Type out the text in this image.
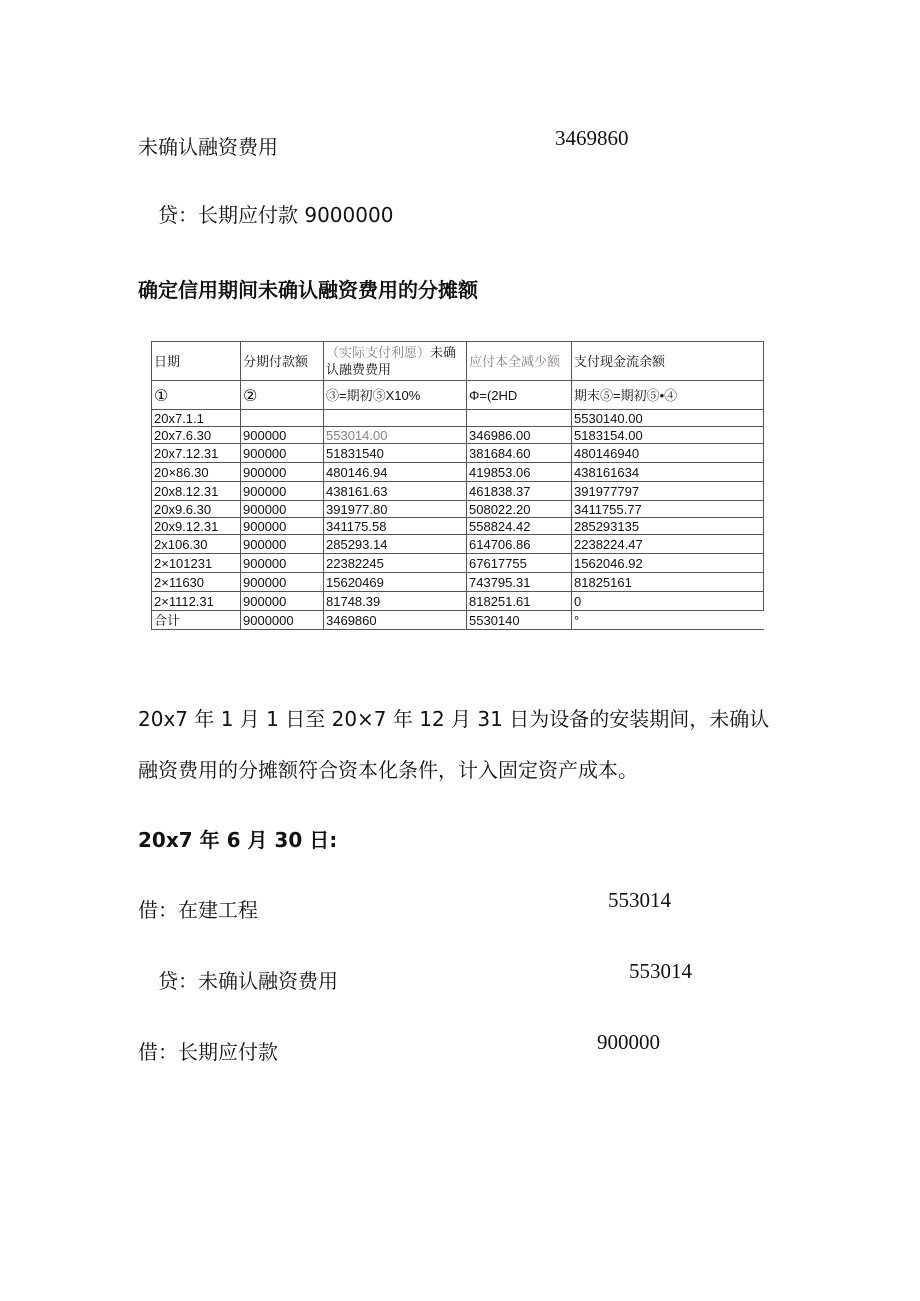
未确认融资费用	3469860
贷：长期应付款 9000000
确定信用期间未确认融资费用的分摊额
日期	分期付款额	（实际支付利愿）未确认融费费用	应付本全减少额	支付现金流余额
①	②	③=期初⑤X10%	Φ=(2HD	期末⑤=期初⑤•④
20x7.1.1				5530140.00
20x7.6.30	900000	553014.00	346986.00	5183154.00
20x7.12.31	900000	51831540	381684.60	480146940
20×86.30	900000	480146.94	419853.06	438161634
20x8.12.31	900000	438161.63	461838.37	391977797
20x9.6.30	900000	391977.80	508022.20	3411755.77
20x9.12.31	900000	341175.58	558824.42	285293135
2x106.30	900000	285293.14	614706.86	2238224.47
2×101231	900000	22382245	67617755	1562046.92
2×11630	900000	15620469	743795.31	81825161
2×1112.31	900000	81748.39	818251.61	0
合计	9000000	3469860	5530140	°
20x7 年 1 月 1 日至 20×7 年 12 月 31 日为设备的安装期间，未确认
融资费用的分摊额符合资本化条件，计入固定资产成本。
20x7 年 6 月 30 日:
借：在建工程	553014
贷：未确认融资费用	553014
借：长期应付款	900000
